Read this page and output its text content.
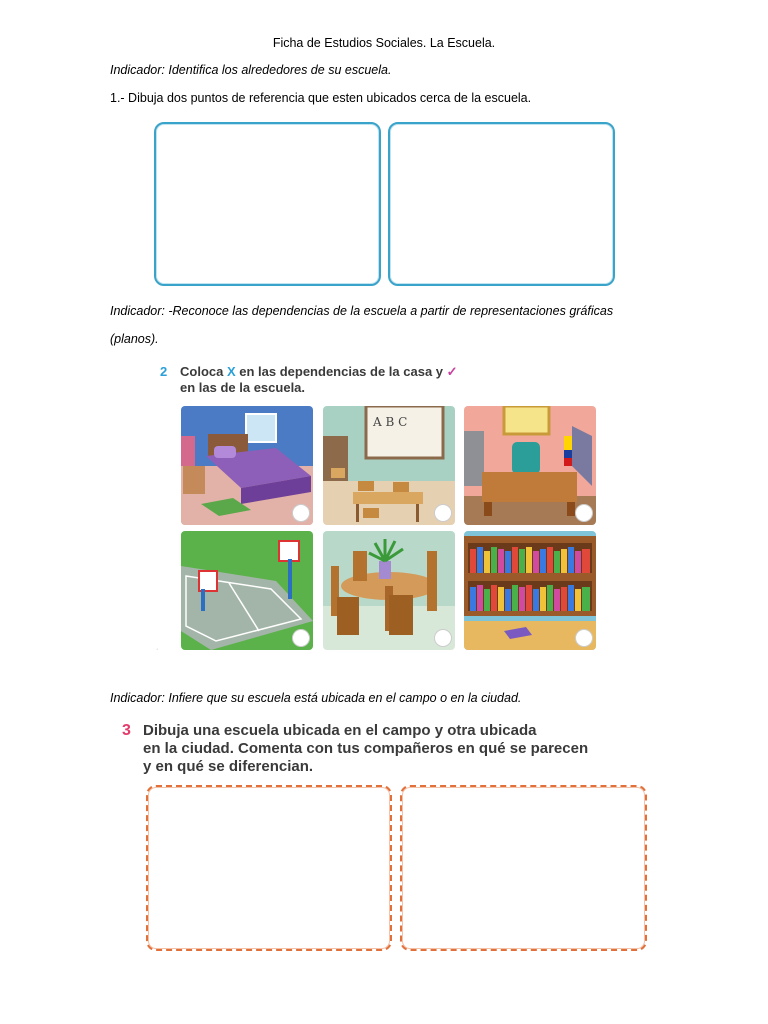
Ficha de Estudios Sociales. La Escuela.
Indicador: Identifica los alrededores de su escuela.
1.- Dibuja dos puntos de referencia que esten ubicados cerca de la escuela.
Indicador: -Reconoce las dependencias de la escuela a partir de representaciones gráficas
(planos).
2 Coloca X en las dependencias de la casa y ✓
en las de la escuela.
A B C
·
Indicador: Infiere que su escuela está ubicada en el campo o en la ciudad.
3 Dibuja una escuela ubicada en el campo y otra ubicada
en la ciudad. Comenta con tus compañeros en qué se parecen
y en qué se diferencian.
